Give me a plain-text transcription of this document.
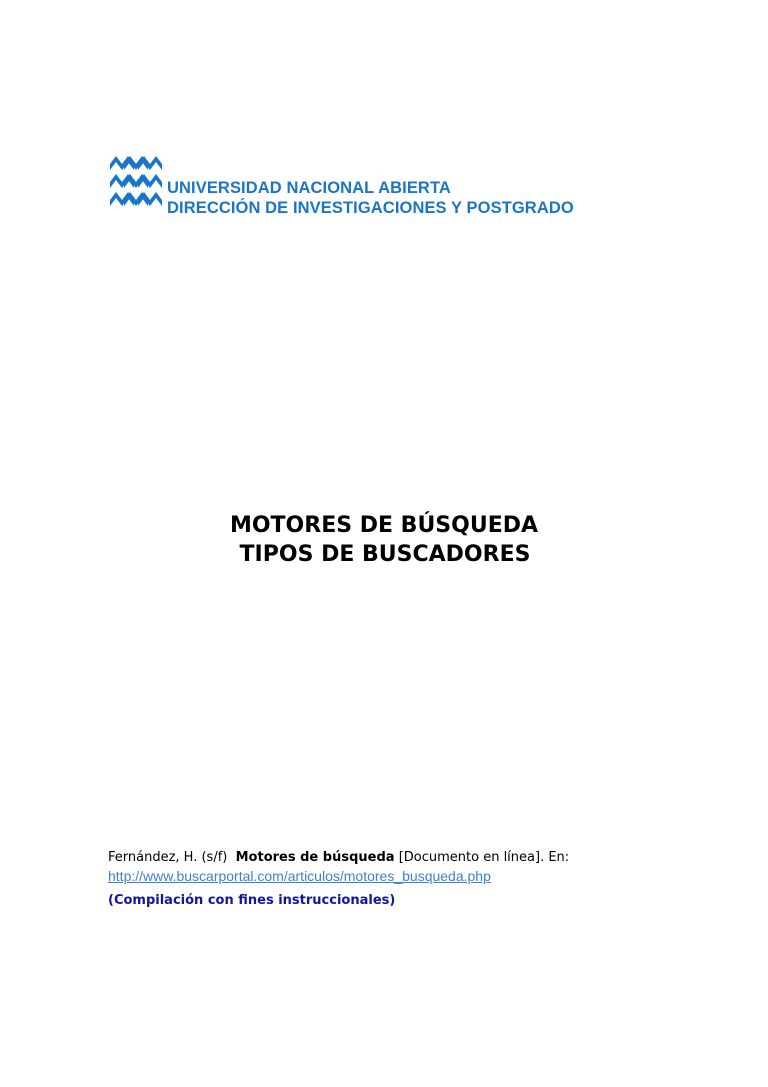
UNIVERSIDAD NACIONAL ABIERTA
DIRECCIÓN DE INVESTIGACIONES Y POSTGRADO
MOTORES DE BÚSQUEDA
TIPOS DE BUSCADORES
Fernández, H. (s/f) Motores de búsqueda [Documento en línea]. En:
http://www.buscarportal.com/articulos/motores_busqueda.php
(Compilación con fines instruccionales)
